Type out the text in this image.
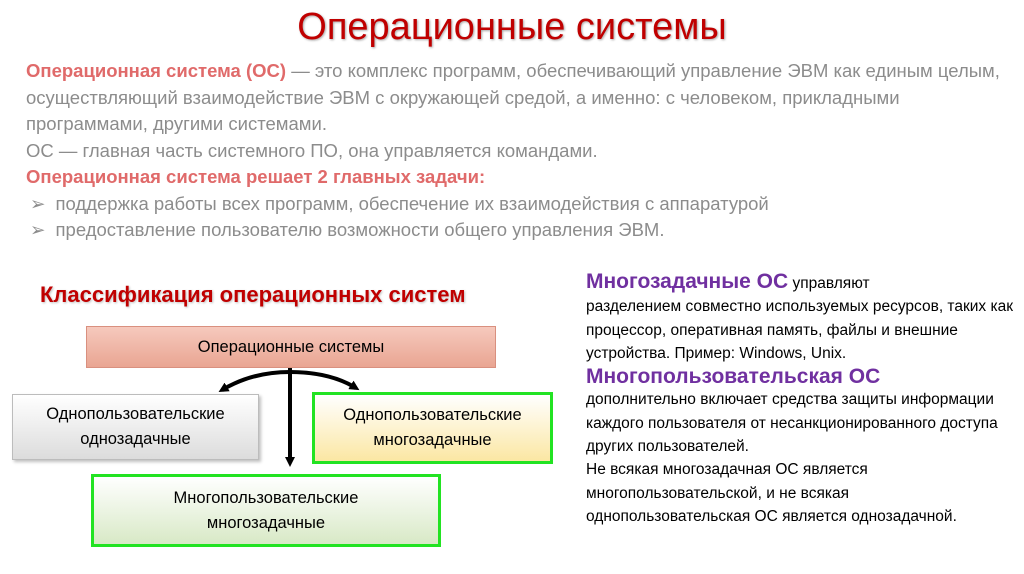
Операционные системы

Операционная система (ОС) — это комплекс программ, обеспечивающий управление ЭВМ как единым целым, осуществляющий взаимодействие ЭВМ с окружающей средой, а именно: с человеком, прикладными программами, другими системами.

ОС — главная часть системного ПО, она управляется командами.

Операционная система решает 2 главных задачи:

➢ поддержка работы всех программ, обеспечение их взаимодействия с аппаратурой
➢ предоставление пользователю возможности общего управления ЭВМ.
Классификация операционных систем
Операционные системы
Однопользовательские
однозадачные
Однопользовательские
многозадачные
Многопользовательские
многозадачные

Многозадачные ОС управляют

разделением совместно используемых ресурсов, таких как процессор, оперативная память, файлы и внешние устройства. Пример: Windows, Unix.

Многопользовательская ОС

дополнительно включает средства защиты информации каждого пользователя от несанкционированного доступа других пользователей.

Не всякая многозадачная ОС является многопользовательской, и не всякая однопользовательская ОС является однозадачной.
